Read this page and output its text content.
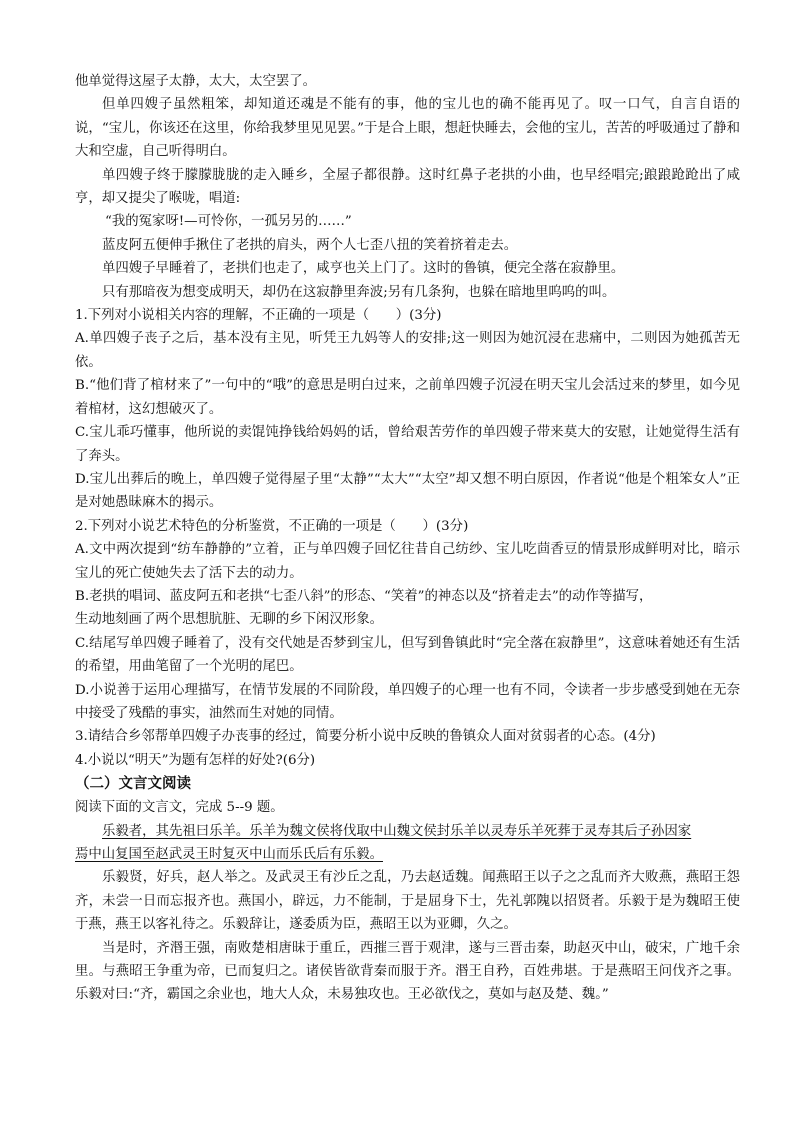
他单觉得这屋子太静，太大，太空罢了。
但单四嫂子虽然粗笨，却知道还魂是不能有的事，他的宝儿也的确不能再见了。叹一口气，自言自语的说，“宝儿，你该还在这里，你给我梦里见见罢。”于是合上眼，想赶快睡去，会他的宝儿，苦苦的呼吸通过了静和大和空虚，自己听得明白。
单四嫂子终于朦朦胧胧的走入睡乡，全屋子都很静。这时红鼻子老拱的小曲，也早经唱完;踉踉跄跄出了咸亨，却又提尖了喉咙，唱道:
“我的冤家呀!—可怜你，一孤另另的……”
蓝皮阿五便伸手揪住了老拱的肩头，两个人七歪八扭的笑着挤着走去。
单四嫂子早睡着了，老拱们也走了，咸亨也关上门了。这时的鲁镇，便完全落在寂静里。
只有那暗夜为想变成明天，却仍在这寂静里奔波;另有几条狗，也躲在暗地里呜呜的叫。
1.下列对小说相关内容的理解，不正确的一项是（　　）(3分)
A.单四嫂子丧子之后，基本没有主见，听凭王九妈等人的安排;这一则因为她沉浸在悲痛中，二则因为她孤苦无依。
B.“他们背了棺材来了”一句中的“哦”的意思是明白过来，之前单四嫂子沉浸在明天宝儿会活过来的梦里，如今见着棺材，这幻想破灭了。
C.宝儿乖巧懂事，他所说的卖馄饨挣钱给妈妈的话，曾给艰苦劳作的单四嫂子带来莫大的安慰，让她觉得生活有了奔头。
D.宝儿出葬后的晚上，单四嫂子觉得屋子里“太静”“太大”“太空”却又想不明白原因，作者说“他是个粗笨女人”正是对她愚昧麻木的揭示。
2.下列对小说艺术特色的分析鉴赏，不正确的一项是（　　）(3分)
A.文中两次提到“纺车静静的”立着，正与单四嫂子回忆往昔自己纺纱、宝儿吃茴香豆的情景形成鲜明对比，暗示宝儿的死亡使她失去了活下去的动力。
B.老拱的唱词、蓝皮阿五和老拱“七歪八斜”的形态、“笑着”的神态以及“挤着走去”的动作等描写，
生动地刻画了两个思想肮脏、无聊的乡下闲汉形象。
C.结尾写单四嫂子睡着了，没有交代她是否梦到宝儿，但写到鲁镇此时“完全落在寂静里”，这意味着她还有生活的希望，用曲笔留了一个光明的尾巴。
D.小说善于运用心理描写，在情节发展的不同阶段，单四嫂子的心理一也有不同，令读者一步步感受到她在无奈中接受了残酷的事实，油然而生对她的同情。
3.请结合乡邻帮单四嫂子办丧事的经过，简要分析小说中反映的鲁镇众人面对贫弱者的心态。(4分)
4.小说以“明天”为题有怎样的好处?(6分)
（二）文言文阅读
阅读下面的文言文，完成 5--9 题。
乐毅者，其先祖曰乐羊。乐羊为魏文侯将伐取中山魏文侯封乐羊以灵寿乐羊死葬于灵寿其后子孙因家
焉中山复国至赵武灵王时复灭中山而乐氏后有乐毅。
乐毅贤，好兵，赵人举之。及武灵王有沙丘之乱，乃去赵适魏。闻燕昭王以子之之乱而齐大败燕，燕昭王怨齐，未尝一日而忘报齐也。燕国小，辟远，力不能制，于是屈身下士，先礼郭隗以招贤者。乐毅于是为魏昭王使于燕，燕王以客礼待之。乐毅辞让，遂委质为臣，燕昭王以为亚卿，久之。
当是时，齐湣王强，南败楚相唐昧于重丘，西摧三晋于观津，遂与三晋击秦，助赵灭中山，破宋，广地千余里。与燕昭王争重为帝，已而复归之。诸侯皆欲背秦而服于齐。湣王自矜，百姓弗堪。于是燕昭王问伐齐之事。乐毅对曰:“齐，霸国之余业也，地大人众，未易独攻也。王必欲伐之，莫如与赵及楚、魏。”
